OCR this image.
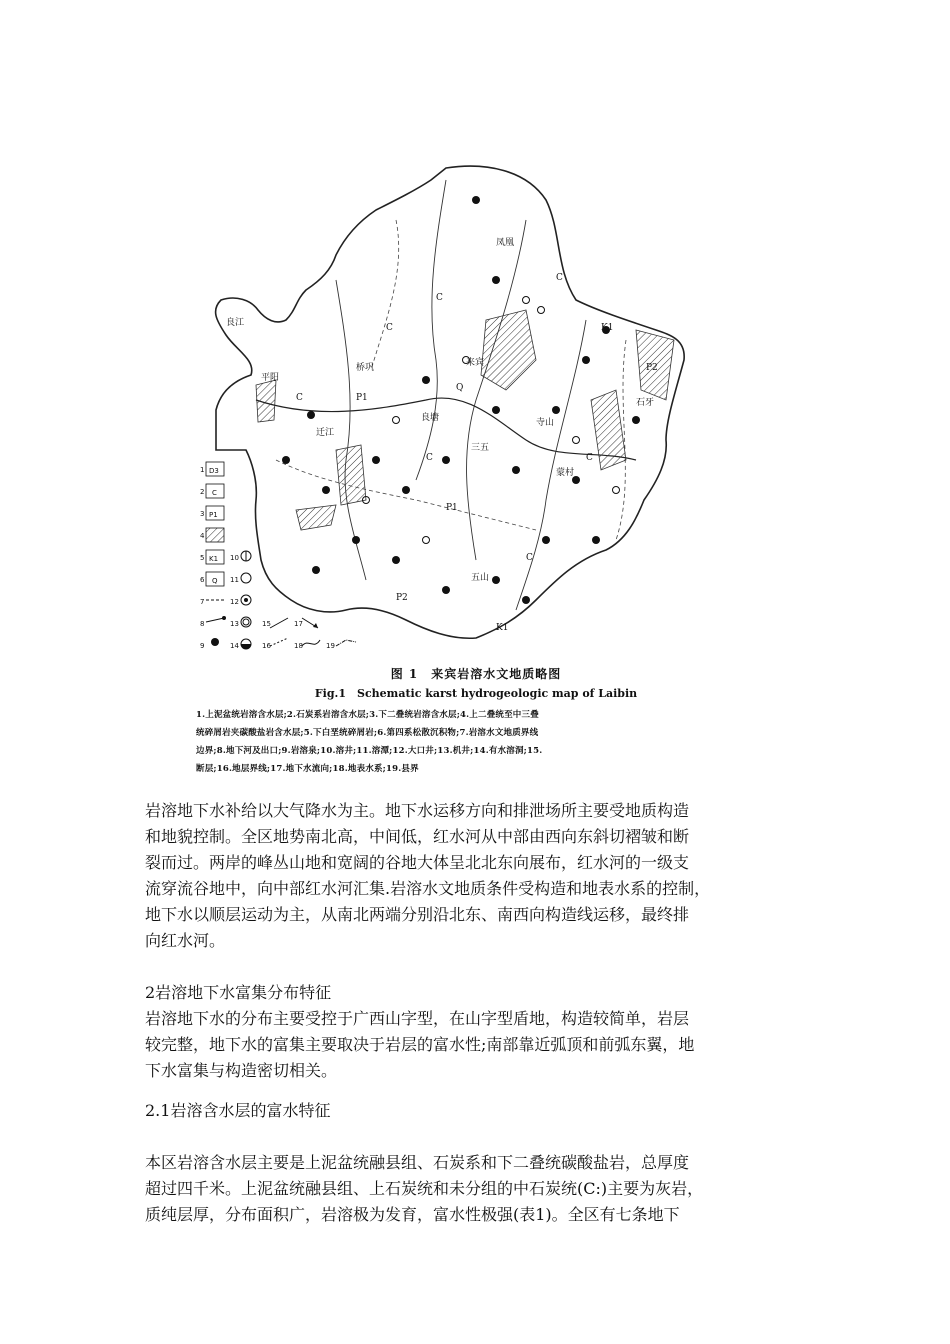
C
C
C
C
C	C
C
P1
P1
P2
P2
K1
K1
Q
来宾
良江
迁江
桥巩
寺山
凤凰
石牙
三五
良塘
蒙村
五山
平阳
1 D3
2 C
3 P1
4
5 K1
6 Q
7
8
9
10
11
12
13
14
15
16
17
18	19
图 1　来宾岩溶水文地质略图
Fig.1　Schematic karst hydrogeologic map of Laibin
1.上泥盆统岩溶含水层;2.石炭系岩溶含水层;3.下二叠统岩溶含水层;4.上二叠统至中三叠
统碎屑岩夹碳酸盐岩含水层;5.下白垩统碎屑岩;6.第四系松散沉积物;7.岩溶水文地质界线
边界;8.地下河及出口;9.岩溶泉;10.溶井;11.溶潭;12.大口井;13.机井;14.有水溶洞;15.
断层;16.地层界线;17.地下水流向;18.地表水系;19.县界
岩溶地下水补给以大气降水为主。地下水运移方向和排泄场所主要受地质构造
和地貌控制。全区地势南北高，中间低，红水河从中部由西向东斜切褶皱和断
裂而过。两岸的峰丛山地和宽阔的谷地大体呈北北东向展布，红水河的一级支
流穿流谷地中，向中部红水河汇集.岩溶水文地质条件受构造和地表水系的控制，
地下水以顺层运动为主，从南北两端分别沿北东、南西向构造线运移，最终排
向红水河。
2岩溶地下水富集分布特征
岩溶地下水的分布主要受控于广西山字型，在山字型盾地，构造较简单，岩层
较完整，地下水的富集主要取决于岩层的富水性;南部靠近弧顶和前弧东翼，地
下水富集与构造密切相关。
2.1岩溶含水层的富水特征
本区岩溶含水层主要是上泥盆统融县组、石炭系和下二叠统碳酸盐岩，总厚度
超过四千米。上泥盆统融县组、上石炭统和未分组的中石炭统(C:)主要为灰岩，
质纯层厚，分布面积广，岩溶极为发育，富水性极强(表1)。全区有七条地下
